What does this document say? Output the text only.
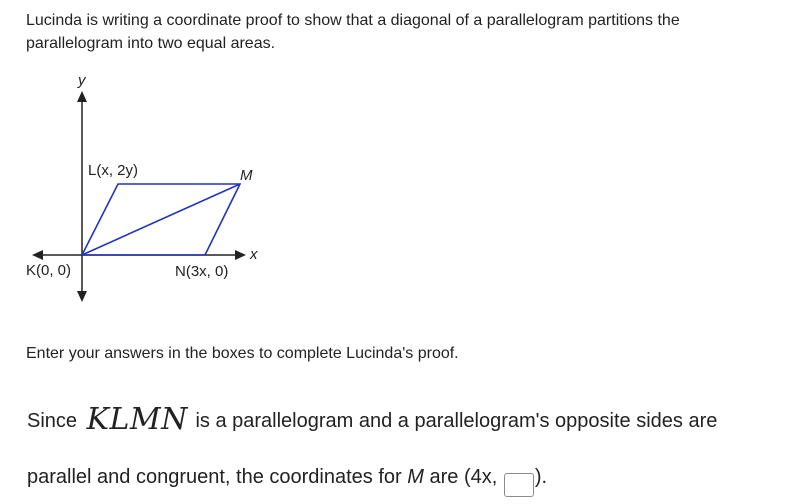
Lucinda is writing a coordinate proof to show that a diagonal of a parallelogram partitions the parallelogram into two equal areas.

y
x
L(x, 2y)	M
K(0, 0)	N(3x, 0)

Enter your answers in the boxes to complete Lucinda's proof.

Since KLMN is a parallelogram and a parallelogram's opposite sides are

parallel and congruent, the coordinates for M are (4x, ).
